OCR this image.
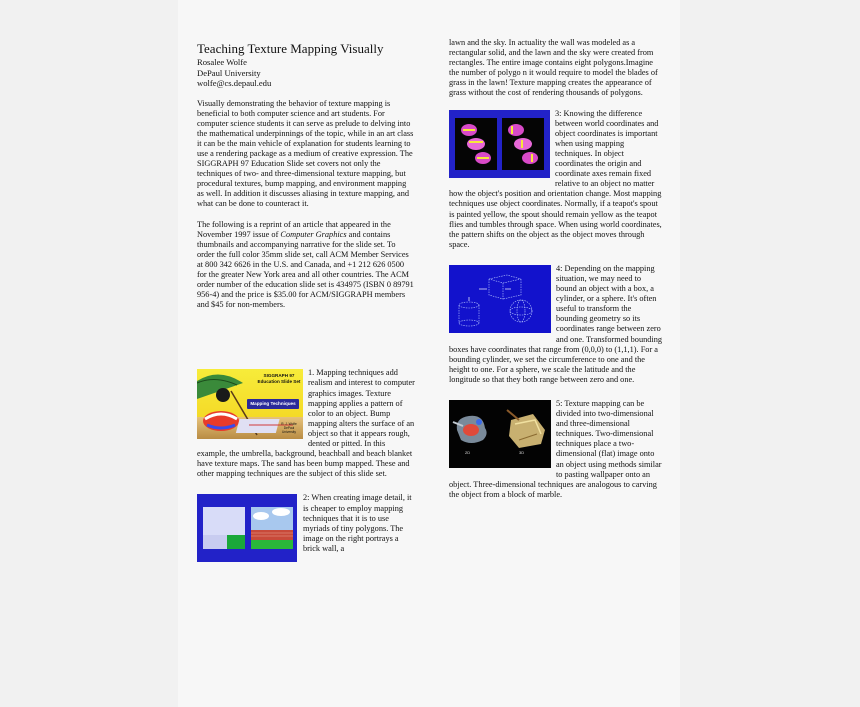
Teaching Texture Mapping Visually
Rosalee Wolfe
DePaul University
wolfe@cs.depaul.edu

Visually demonstrating the behavior of texture mapping is beneficial to both computer science and art students. For computer science students it can serve as prelude to delving into the mathematical underpinnings of the topic, while in an art class it can be the main vehicle of explanation for students learning to use a rendering package as a medium of creative expression. The SIGGRAPH 97 Education Slide set covers not only the techniques of two- and three-dimensional texture mapping, but procedural textures, bump mapping, and environment mapping as well. In addition it discusses aliasing in texture mapping, and what can be done to counteract it.

The following is a reprint of an article that appeared in the November 1997 issue of Computer Graphics and contains thumbnails and accompanying narrative for the slide set. To order the full color 35mm slide set, call ACM Member Services at 800 342 6626 in the U.S. and Canada, and +1 212 626 0500 for the greater New York area and all other countries. The ACM order number of the education slide set is 434975 (ISBN 0 89791 956-4) and the price is $35.00 for ACM/SIGGRAPH members and $45 for non-members.

SIGGRAPH 97 Education Slide Set
Mapping Techniques
R. J. Wolfe DePaul University

1. Mapping techniques add realism and interest to computer graphics images. Texture mapping applies a pattern of color to an object. Bump mapping alters the surface of an object so that it appears rough, dented or pitted. In this example, the umbrella, background, beachball and beach blanket have texture maps. The sand has been bump mapped. These and other mapping techniques are the subject of this slide set.

2: When creating image detail, it is cheaper to employ mapping techniques that it is to use myriads of tiny polygons. The image on the right portrays a brick wall, a

lawn and the sky. In actuality the wall was modeled as a rectangular solid, and the lawn and the sky were created from rectangles. The entire image contains eight polygons.Imagine the number of polygo n it would require to model the blades of grass in the lawn! Texture mapping creates the appearance of grass without the cost of rendering thousands of polygons.

3: Knowing the difference between world coordinates and object coordinates is important when using mapping techniques. In object coordinates the origin and coordinate axes remain fixed relative to an object no matter how the object's position and orientation change. Most mapping techniques use object coordinates. Normally, if a teapot's spout is painted yellow, the spout should remain yellow as the teapot flies and tumbles through space. When using world coordinates, the pattern shifts on the object as the object moves through space.

4: Depending on the mapping situation, we may need to bound an object with a box, a cylinder, or a sphere. It's often useful to transform the bounding geometry so its coordinates range between zero and one. Transformed bounding boxes have coordinates that range from (0,0,0) to (1,1,1). For a bounding cylinder, we set the circumference to one and the height to one. For a sphere, we scale the latitude and the longitude so that they both range between zero and one.

2D	3D

5: Texture mapping can be divided into two-dimensional and three-dimensional techniques. Two-dimensional techniques place a two-dimensional (flat) image onto an object using methods similar to pasting wallpaper onto an object. Three-dimensional techniques are analogous to carving the object from a block of marble.
